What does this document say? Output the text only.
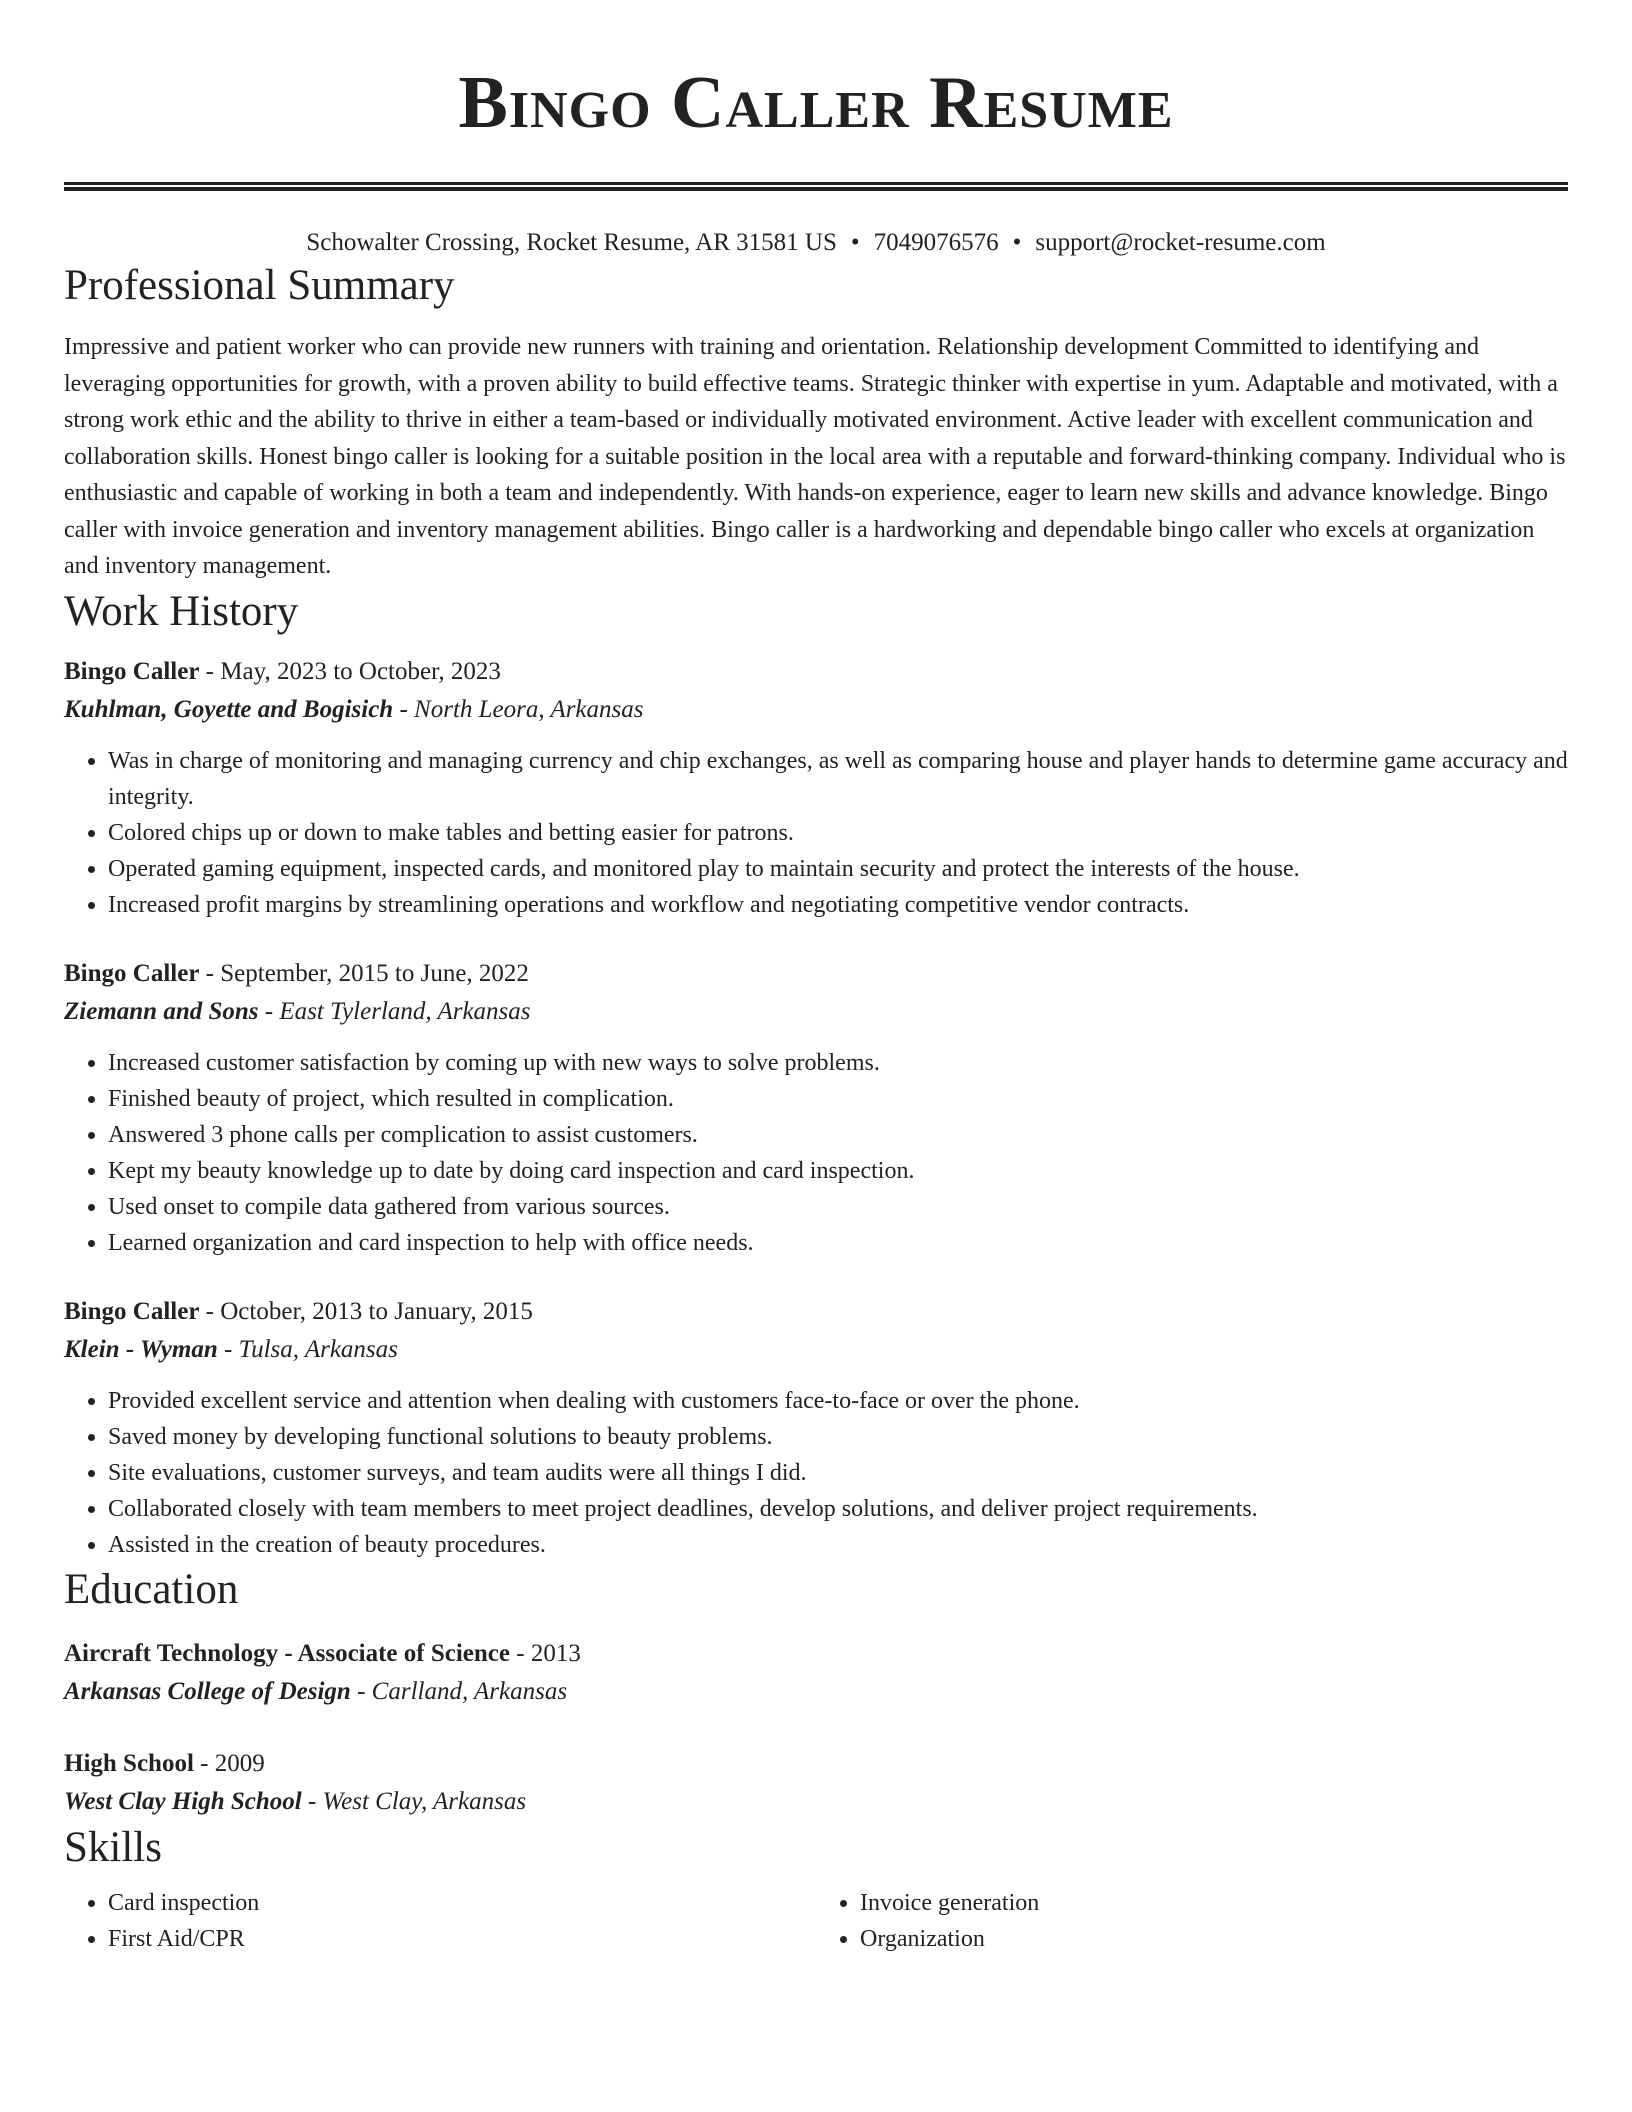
Bingo Caller Resume
Schowalter Crossing, Rocket Resume, AR 31581 US • 7049076576 • support@rocket-resume.com
Professional Summary

Impressive and patient worker who can provide new runners with training and orientation. Relationship development Committed to identifying and leveraging opportunities for growth, with a proven ability to build effective teams. Strategic thinker with expertise in yum. Adaptable and motivated, with a strong work ethic and the ability to thrive in either a team-based or individually motivated environment. Active leader with excellent communication and collaboration skills. Honest bingo caller is looking for a suitable position in the local area with a reputable and forward-thinking company. Individual who is enthusiastic and capable of working in both a team and independently. With hands-on experience, eager to learn new skills and advance knowledge. Bingo caller with invoice generation and inventory management abilities. Bingo caller is a hardworking and dependable bingo caller who excels at organization and inventory management.

Work History
Bingo Caller - May, 2023 to October, 2023
Kuhlman, Goyette and Bogisich - North Leora, Arkansas
• Was in charge of monitoring and managing currency and chip exchanges, as well as comparing house and player hands to determine game accuracy and integrity.
• Colored chips up or down to make tables and betting easier for patrons.
• Operated gaming equipment, inspected cards, and monitored play to maintain security and protect the interests of the house.
• Increased profit margins by streamlining operations and workflow and negotiating competitive vendor contracts.
Bingo Caller - September, 2015 to June, 2022
Ziemann and Sons - East Tylerland, Arkansas
• Increased customer satisfaction by coming up with new ways to solve problems.
• Finished beauty of project, which resulted in complication.
• Answered 3 phone calls per complication to assist customers.
• Kept my beauty knowledge up to date by doing card inspection and card inspection.
• Used onset to compile data gathered from various sources.
• Learned organization and card inspection to help with office needs.
Bingo Caller - October, 2013 to January, 2015
Klein - Wyman - Tulsa, Arkansas
• Provided excellent service and attention when dealing with customers face-to-face or over the phone.
• Saved money by developing functional solutions to beauty problems.
• Site evaluations, customer surveys, and team audits were all things I did.
• Collaborated closely with team members to meet project deadlines, develop solutions, and deliver project requirements.
• Assisted in the creation of beauty procedures.
Education
Aircraft Technology - Associate of Science - 2013
Arkansas College of Design - Carlland, Arkansas
High School - 2009
West Clay High School - West Clay, Arkansas
Skills
• Card inspection
• First Aid/CPR
• Invoice generation
• Organization
